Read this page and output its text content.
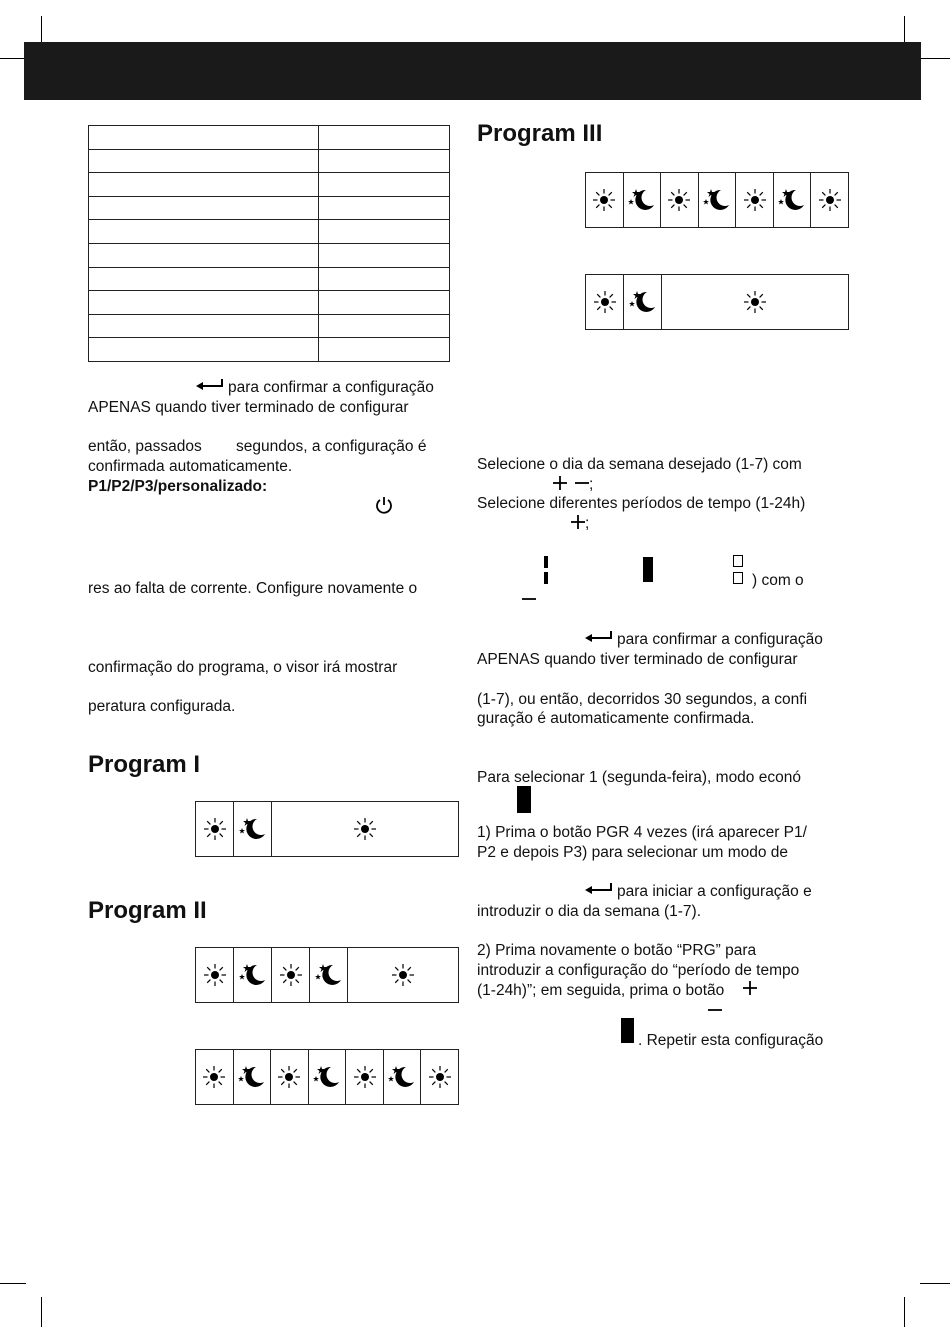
para confirmar a configuração
APENAS quando tiver terminado de configurar
então, passados segundos, a configuração é
confirmada automaticamente.
P1/P2/P3/personalizado:
res ao falta de corrente. Configure novamente o
confirmação do programa, o visor irá mostrar
peratura configurada.
Program I
Program II
Program III
Selecione o dia da semana desejado (1-7) com
;
Selecione diferentes períodos de tempo (1-24h)
;
) com o
para confirmar a configuração
APENAS quando tiver terminado de configurar
(1-7), ou então, decorridos 30 segundos, a confi
guração é automaticamente confirmada.
Para selecionar 1 (segunda-feira), modo econó
1) Prima o botão PGR 4 vezes (irá aparecer P1/
P2 e depois P3) para selecionar um modo de
para iniciar a configuração e
introduzir o dia da semana (1-7).
2) Prima novamente o botão “PRG” para
introduzir a configuração do “período de tempo
(1-24h)”; em seguida, prima o botão
. Repetir esta configuração
